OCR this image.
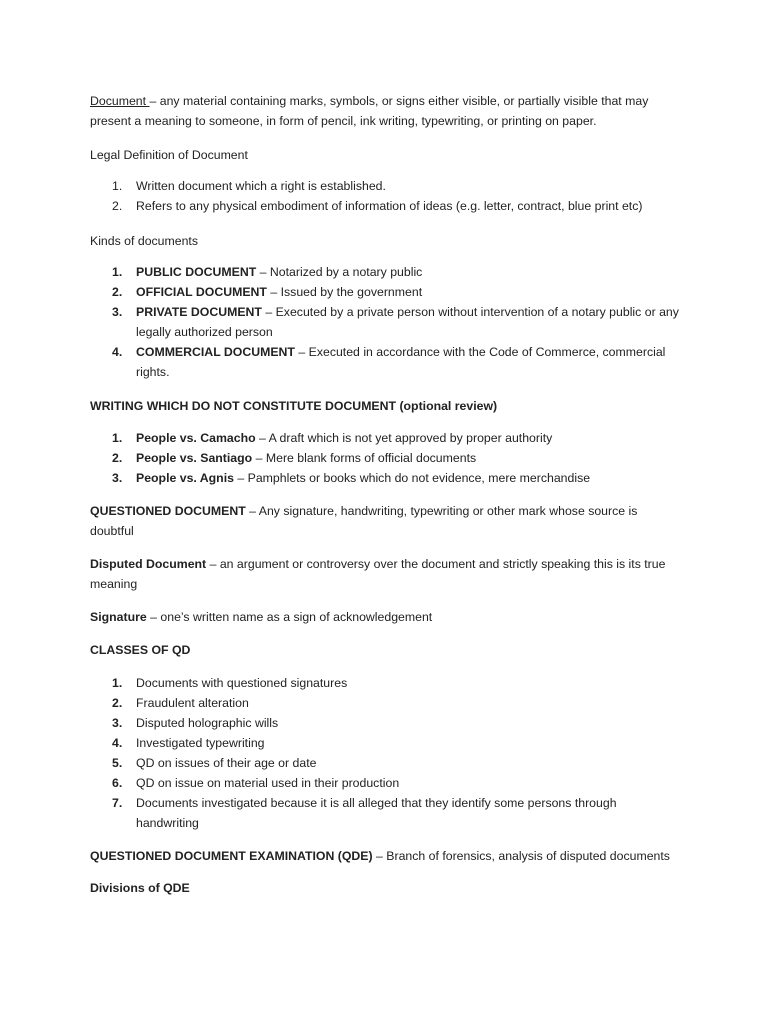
Document – any material containing marks, symbols, or signs either visible, or partially visible that may present a meaning to someone, in form of pencil, ink writing, typewriting, or printing on paper.

Legal Definition of Document

1. Written document which a right is established.
2. Refers to any physical embodiment of information of ideas (e.g. letter, contract, blue print etc)

Kinds of documents

1. PUBLIC DOCUMENT – Notarized by a notary public
2. OFFICIAL DOCUMENT – Issued by the government
3. PRIVATE DOCUMENT – Executed by a private person without intervention of a notary public or any legally authorized person
4. COMMERCIAL DOCUMENT – Executed in accordance with the Code of Commerce, commercial rights.

WRITING WHICH DO NOT CONSTITUTE DOCUMENT (optional review)

1. People vs. Camacho – A draft which is not yet approved by proper authority
2. People vs. Santiago – Mere blank forms of official documents
3. People vs. Agnis – Pamphlets or books which do not evidence, mere merchandise

QUESTIONED DOCUMENT – Any signature, handwriting, typewriting or other mark whose source is doubtful

Disputed Document – an argument or controversy over the document and strictly speaking this is its true meaning

Signature – one’s written name as a sign of acknowledgement

CLASSES OF QD

1. Documents with questioned signatures
2. Fraudulent alteration
3. Disputed holographic wills
4. Investigated typewriting
5. QD on issues of their age or date
6. QD on issue on material used in their production
7. Documents investigated because it is all alleged that they identify some persons through handwriting

QUESTIONED DOCUMENT EXAMINATION (QDE) – Branch of forensics, analysis of disputed documents

Divisions of QDE
